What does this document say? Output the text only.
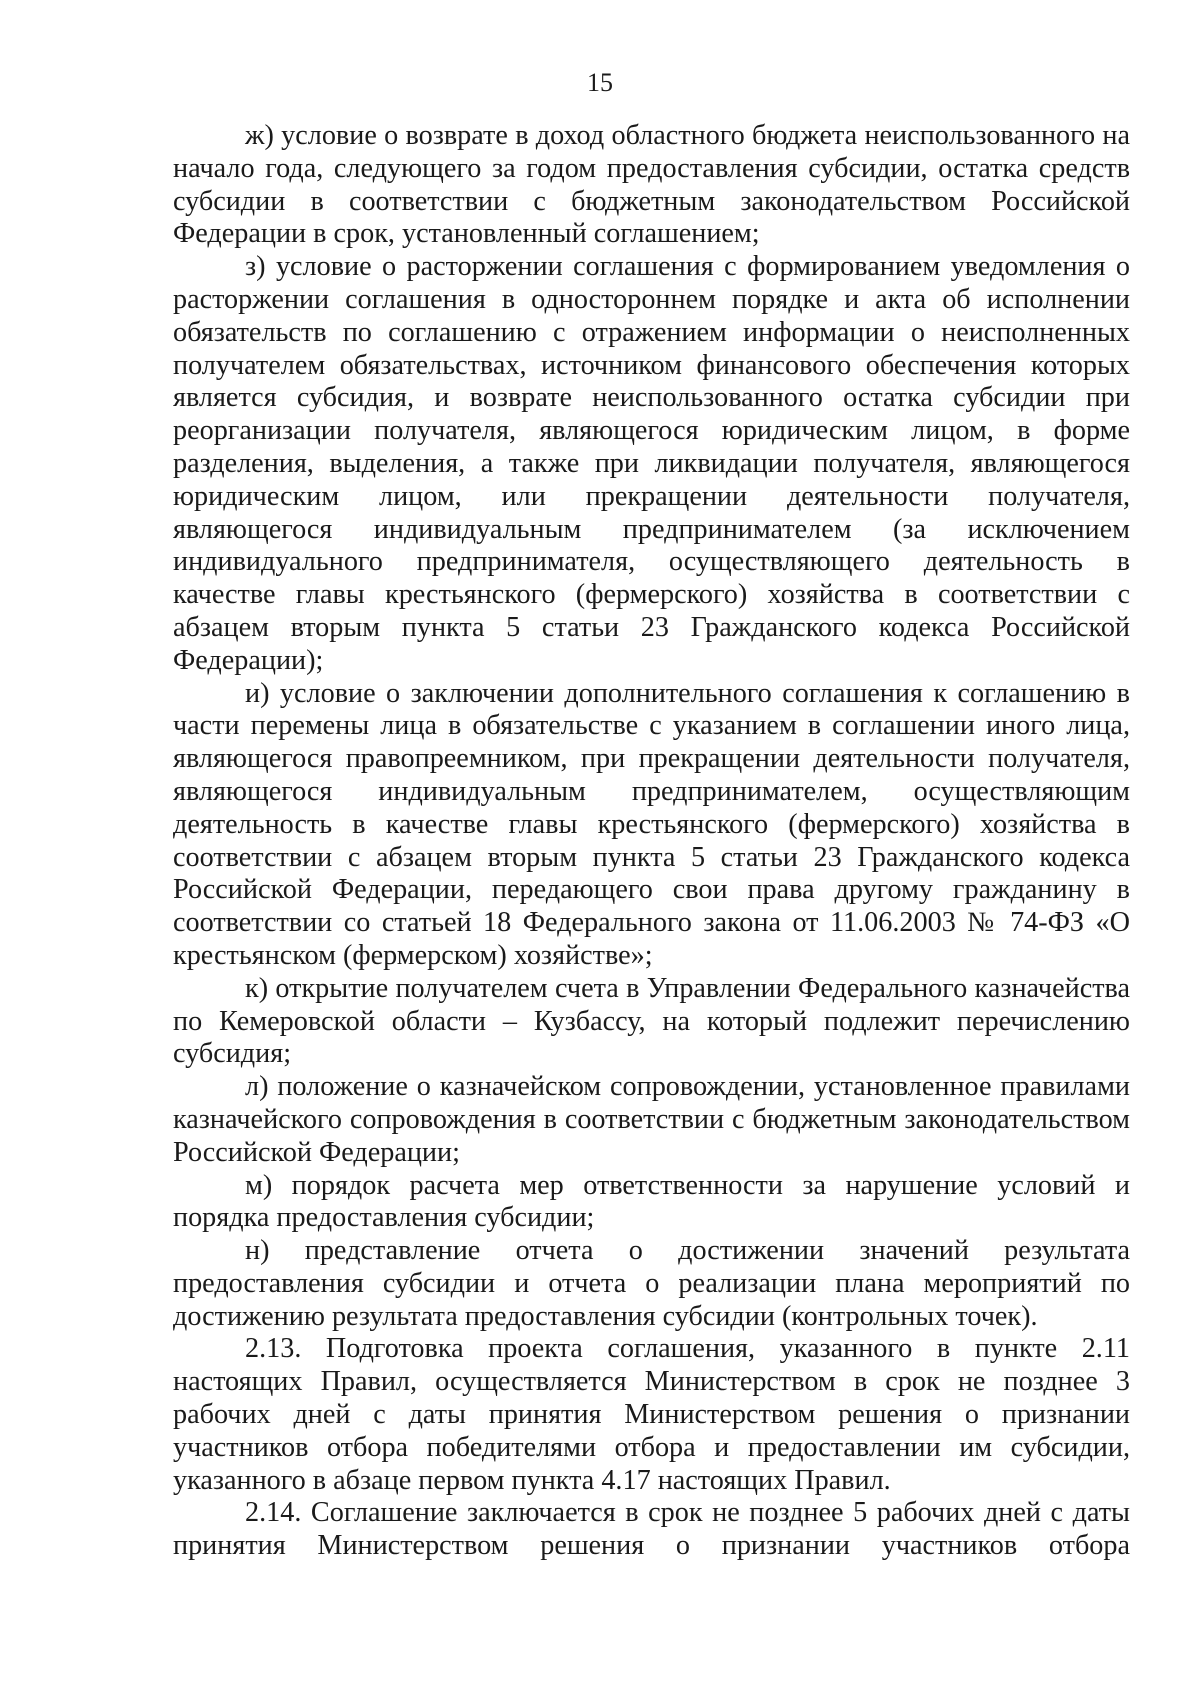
15

ж) условие о возврате в доход областного бюджета неиспользованного на начало года, следующего за годом предоставления субсидии, остатка средств субсидии в соответствии с бюджетным законодательством Российской Федерации в срок, установленный соглашением;

з) условие о расторжении соглашения с формированием уведомления о расторжении соглашения в одностороннем порядке и акта об исполнении обязательств по соглашению с отражением информации о неисполненных получателем обязательствах, источником финансового обеспечения которых является субсидия, и возврате неиспользованного остатка субсидии при реорганизации получателя, являющегося юридическим лицом, в форме разделения, выделения, а также при ликвидации получателя, являющегося юридическим лицом, или прекращении деятельности получателя, являющегося индивидуальным предпринимателем (за исключением индивидуального предпринимателя, осуществляющего деятельность в качестве главы крестьянского (фермерского) хозяйства в соответствии с абзацем вторым пункта 5 статьи 23 Гражданского кодекса Российской Федерации);

и) условие о заключении дополнительного соглашения к соглашению в части перемены лица в обязательстве с указанием в соглашении иного лица, являющегося правопреемником, при прекращении деятельности получателя, являющегося индивидуальным предпринимателем, осуществляющим деятельность в качестве главы крестьянского (фермерского) хозяйства в соответствии с абзацем вторым пункта 5 статьи 23 Гражданского кодекса Российской Федерации, передающего свои права другому гражданину в соответствии со статьей 18 Федерального закона от 11.06.2003 № 74-ФЗ «О крестьянском (фермерском) хозяйстве»;

к) открытие получателем счета в Управлении Федерального казначейства по Кемеровской области – Кузбассу, на который подлежит перечислению субсидия;

л) положение о казначейском сопровождении, установленное правилами казначейского сопровождения в соответствии с бюджетным законодательством Российской Федерации;

м) порядок расчета мер ответственности за нарушение условий и порядка предоставления субсидии;

н) представление отчета о достижении значений результата предоставления субсидии и отчета о реализации плана мероприятий по достижению результата предоставления субсидии (контрольных точек).

2.13. Подготовка проекта соглашения, указанного в пункте 2.11 настоящих Правил, осуществляется Министерством в срок не позднее 3 рабочих дней с даты принятия Министерством решения о признании участников отбора победителями отбора и предоставлении им субсидии, указанного в абзаце первом пункта 4.17 настоящих Правил.

2.14. Соглашение заключается в срок не позднее 5 рабочих дней с даты принятия Министерством решения о признании участников отбора
